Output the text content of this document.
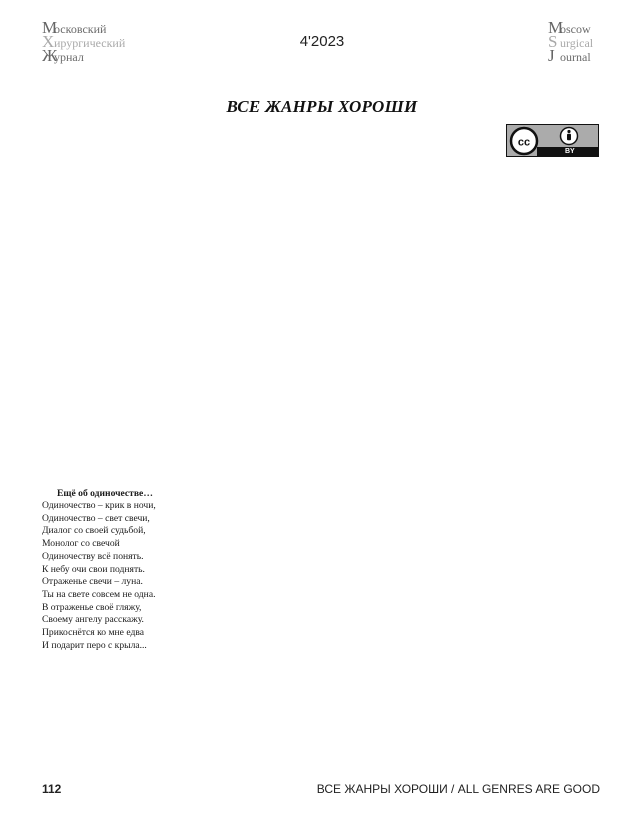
М
осковский
Х ирургический
Ж
урнал
4'2023
M
oscow
S urgical
J ournal
ВСЕ ЖАНРЫ ХОРОШИ
cc
BY
Ещё об одиночестве…
Одиночество – крик в ночи,
Одиночество – свет свечи,
Диалог со своей судьбой,
Монолог со свечой
Одиночеству всё понять.
К небу очи свои поднять.
Отраженье свечи – луна.
Ты на свете совсем не одна.
В отраженье своё гляжу,
Своему ангелу расскажу.
Прикоснётся ко мне едва
И подарит перо с крыла...
112	ВСЕ ЖАНРЫ ХОРОШИ / ALL GENRES ARE GOOD
